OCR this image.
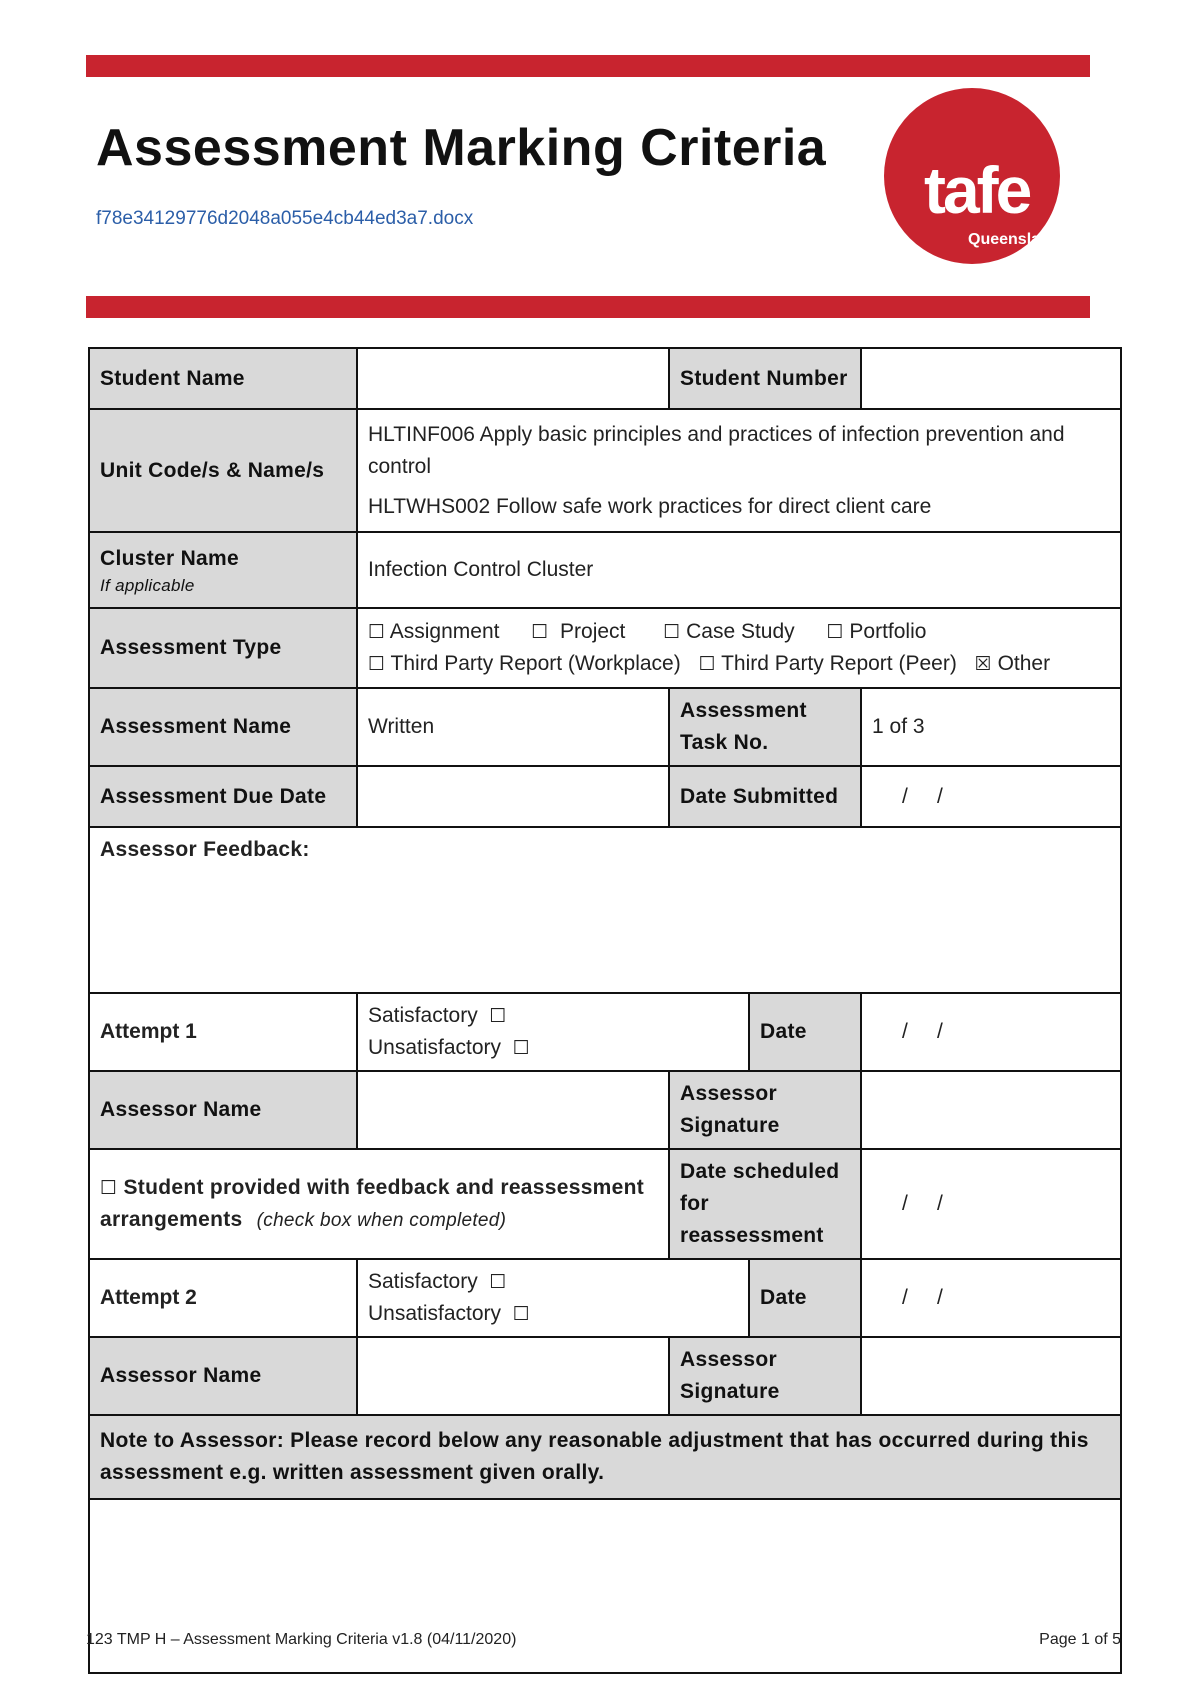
Assessment Marking Criteria
f78e34129776d2048a055e4cb44ed3a7.docx	tafe
Queensland
Student Name		Student Number		
Unit Code/s & Name/s	HLTINF006 Apply basic principles and practices of infection prevention and control
HLTWHS002 Follow safe work practices for direct client care			

Cluster Name
If applicable	Infection Control Cluster			
Assessment Type	☐ Assignment ☐ Project ☐ Case Study ☐ Portfolio
☐ Third Party Report (Workplace) ☐ Third Party Report (Peer) ☒ Other			

Assessment Name	Written	Assessment Task No.		1 of 3
Assessment Due Date		Date Submitted		/     /
Assessor Feedback:				
Attempt 1	Satisfactory ☐ Unsatisfactory ☐		Date	/     /
Assessor Name		Assessor Signature		
☐ Student provided with feedback and reassessment arrangements (check box when completed)		Date scheduled for reassessment		/     /
Attempt 2	Satisfactory ☐ Unsatisfactory ☐		Date	/     /
Assessor Name		Assessor Signature		
Note to Assessor: Please record below any reasonable adjustment that has occurred during this assessment e.g. written assessment given orally.				

123 TMP H – Assessment Marking Criteria v1.8 (04/11/2020)	Page 1 of 5
